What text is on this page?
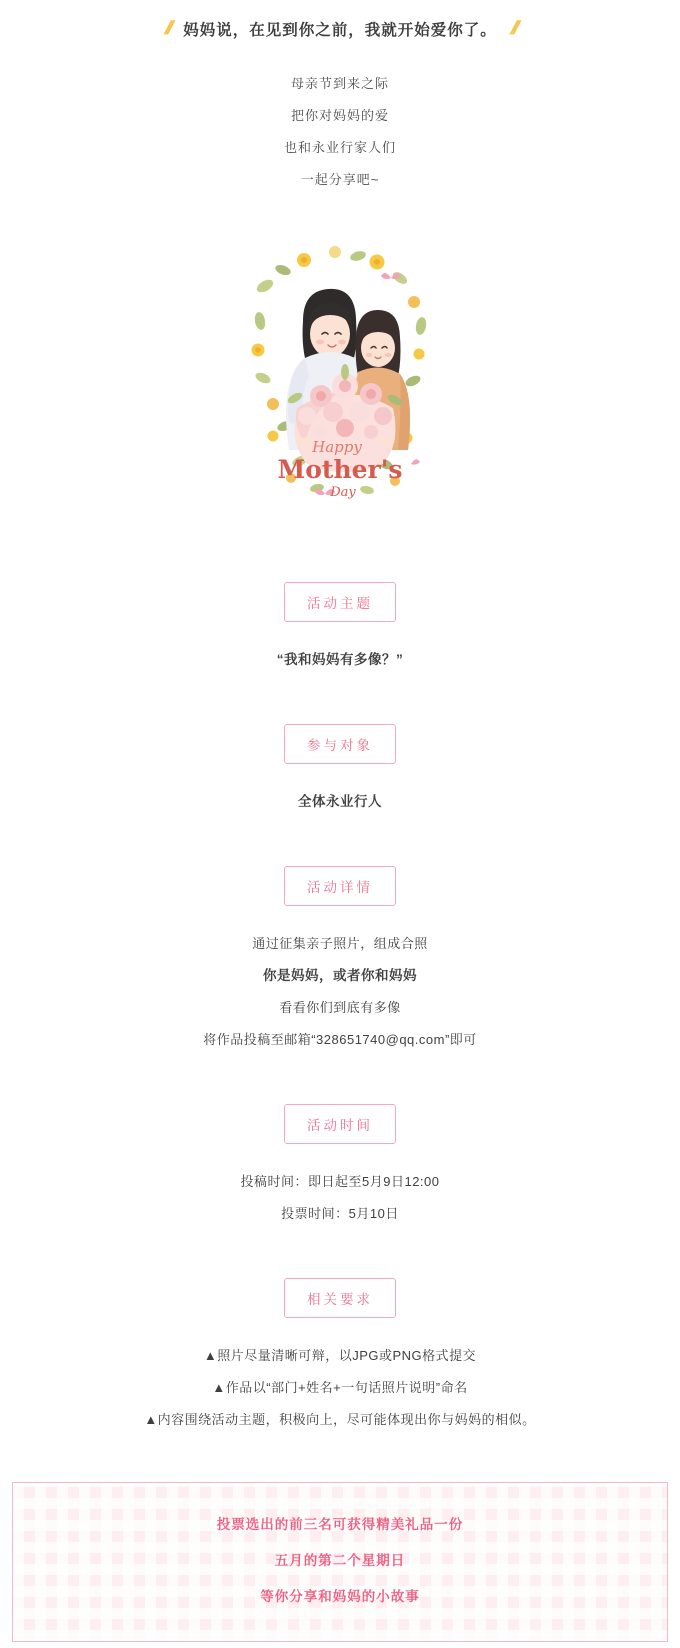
// 妈妈说，在见到你之前，我就开始爱你了。 //
母亲节到来之际
把你对妈妈的爱
也和永业行家人们
一起分享吧~
Happy
Mother's
Day
活动主题
“我和妈妈有多像？”
参与对象
全体永业行人
活动详情
通过征集亲子照片，组成合照
你是妈妈，或者你和妈妈
看看你们到底有多像
将作品投稿至邮箱“328651740@qq.com”即可
活动时间
投稿时间：即日起至5月9日12:00
投票时间：5月10日
相关要求
▲照片尽量清晰可辩，以JPG或PNG格式提交
▲作品以“部门+姓名+一句话照片说明”命名
▲内容围绕活动主题，积极向上，尽可能体现出你与妈妈的相似。
投票选出的前三名可获得精美礼品一份
五月的第二个星期日
等你分享和妈妈的小故事
